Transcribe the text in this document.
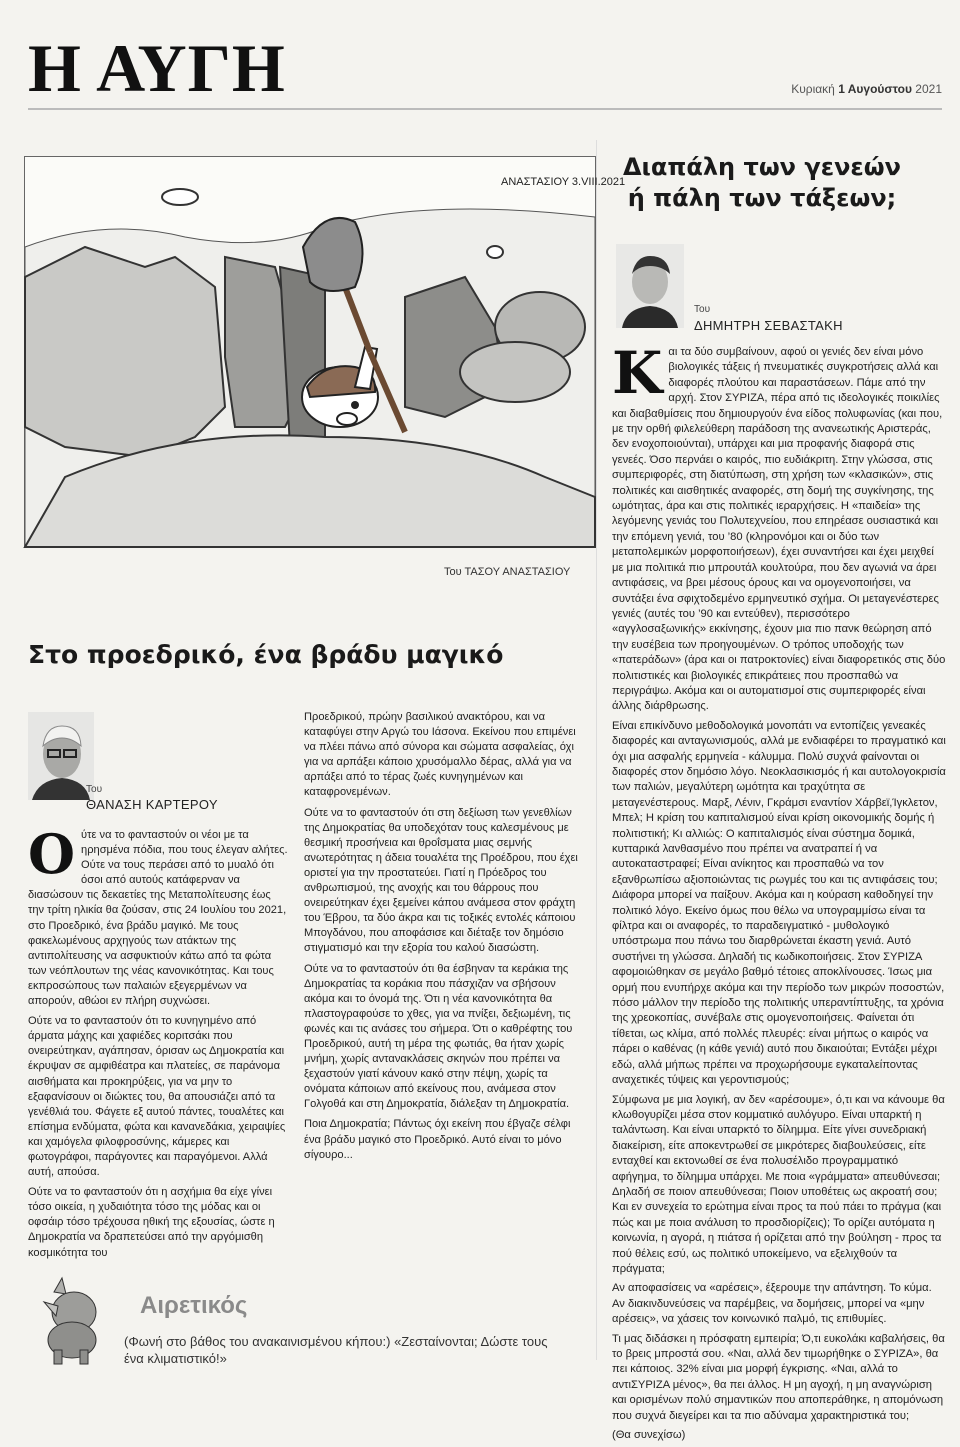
Η ΑΥΓΗ	Κυριακή 1 Αυγούστου 2021
ΑΝΑΣΤΑΣΙΟΥ 3.VIII.2021
Του ΤΑΣΟΥ ΑΝΑΣΤΑΣΙΟΥ
Διαπάλη των γενεών ή πάλη των τάξεων;
Του
ΔΗΜΗΤΡΗ ΣΕΒΑΣΤΑΚΗ

Και τα δύο συμβαίνουν, αφού οι γενιές δεν είναι μόνο βιολογικές τάξεις ή πνευματικές συγκροτήσεις αλλά και διαφορές πλούτου και παραστάσεων. Πάμε από την αρχή. Στον ΣΥΡΙΖΑ, πέρα από τις ιδεολογικές ποικιλίες και διαβαθμίσεις που δημιουργούν ένα είδος πολυφωνίας (και που, με την ορθή φιλελεύθερη παράδοση της ανανεωτικής Αριστεράς, δεν ενοχοποιούνται), υπάρχει και μια προφανής διαφορά στις γενεές. Όσο περνάει ο καιρός, πιο ευδιάκριτη. Στην γλώσσα, στις συμπεριφορές, στη διατύπωση, στη χρήση των «κλασικών», στις πολιτικές και αισθητικές αναφορές, στη δομή της συγκίνησης, της ωμότητας, άρα και στις πολιτικές ιεραρχήσεις. Η «παιδεία» της λεγόμενης γενιάς του Πολυτεχνείου, που επηρέασε ουσιαστικά και την επόμενη γενιά, του ’80 (κληρονόμοι και οι δύο των μεταπολεμικών μορφοποιήσεων), έχει συναντήσει και έχει μειχθεί με μια πολιτικά πιο μπρουτάλ κουλτούρα, που δεν αγωνιά να άρει αντιφάσεις, να βρει μέσους όρους και να ομογενοποιήσει, να συντάξει ένα σφιχτοδεμένο ερμηνευτικό σχήμα. Οι μεταγενέστερες γενιές (αυτές του ’90 και εντεύθεν), περισσότερο «αγγλοσαξωνικής» εκκίνησης, έχουν μια πιο πανκ θεώρηση από την ευσέβεια των προηγουμένων. Ο τρόπος υποδοχής των «πατεράδων» (άρα και οι πατροκτονίες) είναι διαφορετικός στις δύο πολιτιστικές και βιολογικές επικράτειες που προσπαθώ να περιγράψω. Ακόμα και οι αυτοματισμοί στις συμπεριφορές είναι άλλης διάρθρωσης.

Είναι επικίνδυνο μεθοδολογικά μονοπάτι να εντοπίζεις γενεακές διαφορές και ανταγωνισμούς, αλλά με ενδιαφέρει το πραγματικό και όχι μια ασφαλής ερμηνεία - κάλυμμα. Πολύ συχνά φαίνονται οι διαφορές στον δημόσιο λόγο. Νεοκλασικισμός ή και αυτολογοκρισία των παλιών, μεγαλύτερη ωμότητα και τραχύτητα σε μεταγενέστερους. Μαρξ, Λένιν, Γκράμσι εναντίον Χάρβεϊ,Ίγκλετον, Μπελ; Η κρίση του καπιταλισμού είναι κρίση οικονομικής δομής ή πολιτιστική; Κι αλλιώς: Ο καπιταλισμός είναι σύστημα δομικά, κυτταρικά λανθασμένο που πρέπει να ανατραπεί ή να αυτοκαταστραφεί; Είναι ανίκητος και προσπαθώ να τον εξανθρωπίσω αξιοποιώντας τις ρωγμές του και τις αντιφάσεις του; Διάφορα μπορεί να παίξουν. Ακόμα και η κούραση καθοδηγεί την πολιτικό λόγο. Εκείνο όμως που θέλω να υπογραμμίσω είναι τα φίλτρα και οι αναφορές, το παραδειγματικό - μυθολογικό υπόστρωμα που πάνω του διαρθρώνεται έκαστη γενιά. Αυτό συστήνει τη γλώσσα. Δηλαδή τις κωδικοποιήσεις. Στον ΣΥΡΙΖΑ αφομοιώθηκαν σε μεγάλο βαθμό τέτοιες αποκλίνουσες. Ίσως μια ορμή που ενυπήρχε ακόμα και την περίοδο των μικρών ποσοστών, πόσο μάλλον την περίοδο της πολιτικής υπεραντίπτυξης, τα χρόνια της χρεοκοπίας, συνέβαλε στις ομογενοποιήσεις. Φαίνεται ότι τίθεται, ως κλίμα, από πολλές πλευρές: είναι μήπως ο καιρός να πάρει ο καθένας (η κάθε γενιά) αυτό που δικαιούται; Εντάξει μέχρι εδώ, αλλά μήπως πρέπει να προχωρήσουμε εγκαταλείποντας αναχετικές τύψεις και γεροντισμούς;

Σύμφωνα με μια λογική, αν δεν «αρέσουμε», ό,τι και να κάνουμε θα κλωθογυρίζει μέσα στον κομματικό αυλόγυρο. Είναι υπαρκτή η ταλάντωση. Και είναι υπαρκτό το δίλημμα. Είτε γίνει συνεδριακή διακείριση, είτε αποκεντρωθεί σε μικρότερες διαβουλεύσεις, είτε ενταχθεί και εκτονωθεί σε ένα πολυσέλιδο προγραμματικό αφήγημα, το δίλημμα υπάρχει. Με ποια «γράμματα» απευθύνεσαι; Δηλαδή σε ποιον απευθύνεσαι; Ποιον υποθέτεις ως ακροατή σου; Και εν συνεχεία το ερώτημα είναι προς τα πού πάει το πράγμα (και πώς και με ποια ανάλυση το προσδιορίζεις); Το ορίζει αυτόματα η κοινωνία, η αγορά, η πιάτσα ή ορίζεται από την βούληση - προς τα πού θέλεις εσύ, ως πολιτικό υποκείμενο, να εξελιχθούν τα πράγματα;

Αν αποφασίσεις να «αρέσεις», έξερουμε την απάντηση. Το κύμα. Αν διακινδυνεύσεις να παρέμβεις, να δομήσεις, μπορεί να «μην αρέσεις», να χάσεις τον κοινωνικό παλμό, τις επιθυμίες.

Τι μας διδάσκει η πρόσφατη εμπειρία; Ό,τι ευκολάκι καβαλήσεις, θα το βρεις μπροστά σου. «Ναι, αλλά δεν τιμωρήθηκε ο ΣΥΡΙΖΑ», θα πει κάποιος. 32% είναι μια μορφή έγκρισης. «Ναι, αλλά το αντιΣΥΡΙΖΑ μένος», θα πει άλλος. Η μη αγοχή, η μη αναγνώριση και ορισμένων πολύ σημαντικών που αποπεράθηκε, η απομόνωση που συχνά διεγείρει και τα πιο αδύναμα χαρακτηριστικά του;

(Θα συνεχίσω)

Στο προεδρικό, ένα βράδυ μαγικό
Του
ΘΑΝΑΣΗ ΚΑΡΤΕΡΟΥ

Ούτε να το φανταστούν οι νέοι με τα ηρησμένα πόδια, που τους έλεγαν αλήτες. Ούτε να τους περάσει από το μυαλό ότι όσοι από αυτούς κατάφερναν να διασώσουν τις δεκαετίες της Μεταπολίτευσης έως την τρίτη ηλικία θα ζούσαν, στις 24 Ιουλίου του 2021, στο Προεδρικό, ένα βράδυ μαγικό. Με τους φακελωμένους αρχηγούς των ατάκτων της αντιπολίτευσης να ασφυκτιούν κάτω από τα φώτα των νεόπλουτων της νέας κανονικότητας. Και τους εκπροσώπους των παλαιών εξεγερμένων να απορούν, αθώοι εν πλήρη συχνώσει.

Ούτε να το φανταστούν ότι το κυνηγημένο από άρματα μάχης και χαφιέδες κοριτσάκι που ονειρεύτηκαν, αγάπησαν, όρισαν ως Δημοκρατία και έκρυψαν σε αμφιθέατρα και πλατείες, σε παράνομα αισθήματα και προκηρύξεις, για να μην το εξαφανίσουν οι διώκτες του, θα απουσιάζει από τα γενέθλιά του. Φάγετε εξ αυτού πάντες, τουαλέτες και επίσημα ενδύματα, φώτα και κανανεδάκια, χειραψίες και χαμόγελα φιλοφροσύνης, κάμερες και φωτογράφοι, παράγοντες και παραγόμενοι. Αλλά αυτή, απούσα.

Ούτε να το φανταστούν ότι η ασχήμια θα είχε γίνει τόσο οικεία, η χυδαιότητα τόσο της μόδας και οι οφσάιρ τόσο τρέχουσα ηθική της εξουσίας, ώστε η Δημοκρατία να δραπετεύσει από την αργόμισθη κοσμικότητα του

Προεδρικού, πρώην βασιλικού ανακτόρου, και να καταφύγει στην Αργώ του Ιάσονα. Εκείνου που επιμένει να πλέει πάνω από σύνορα και σώματα ασφαλείας, όχι για να αρπάξει κάποιο χρυσόμαλλο δέρας, αλλά για να αρπάξει από το τέρας ζωές κυνηγημένων και καταφρονεμένων.

Ούτε να το φανταστούν ότι στη δεξίωση των γενεθλίων της Δημοκρατίας θα υποδεχόταν τους καλεσμένους με θεσμική προσήνεια και θροΐσματα μιας σεμνής ανωτερότητας η άδεια τουαλέτα της Προέδρου, που έχει οριστεί για την προστατεύει. Γιατί η Πρόεδρος του ανθρωπισμού, της ανοχής και του θάρρους που ονειρεύτηκαν έχει ξεμείνει κάπου ανάμεσα στον φράχτη του Έβρου, τα δύο άκρα και τις τοξικές εντολές κάποιου Μπογδάνου, που αποφάσισε και διέταξε τον δημόσιο στιγματισμό και την εξορία του καλού διασώστη.

Ούτε να το φανταστούν ότι θα έσβηναν τα κεράκια της Δημοκρατίας τα κοράκια που πάσχιζαν να σβήσουν ακόμα και το όνομά της. Ότι η νέα κανονικότητα θα πλαστογραφούσε το χθες, για να πνίξει, δεξιωμένη, τις φωνές και τις ανάσες του σήμερα. Ότι ο καθρέφτης του Προεδρικού, αυτή τη μέρα της φωτιάς, θα ήταν χωρίς μνήμη, χωρίς αντανακλάσεις σκηνών που πρέπει να ξεχαστούν γιατί κάνουν κακό στην πέψη, χωρίς τα ονόματα κάποιων από εκείνους που, ανάμεσα στον Γολγοθά και στη Δημοκρατία, διάλεξαν τη Δημοκρατία.

Ποια Δημοκρατία; Πάντως όχι εκείνη που έβγαζε σέλφι ένα βράδυ μαγικό στο Προεδρικό. Αυτό είναι το μόνο σίγουρο...

Αιρετικός
(Φωνή στο βάθος του ανακαινισμένου κήπου:) «Ζεσταίνονται; Δώστε τους ένα κλιματιστικό!»
